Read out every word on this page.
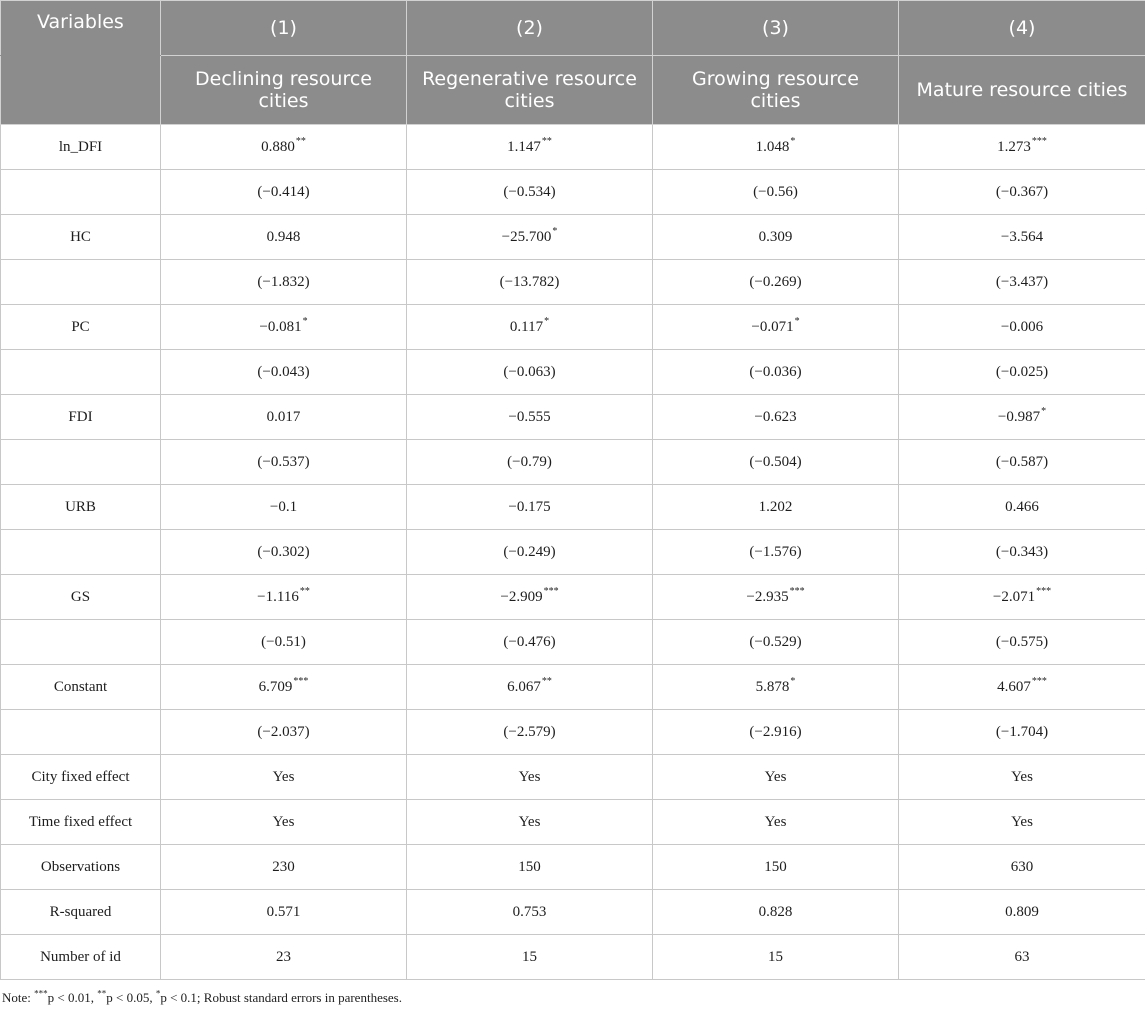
Variables	(1)	(2)	(3)	(4)
	Declining resource cities	Regenerative resource cities	Growing resource cities	Mature resource cities
ln_DFI	0.880**	1.147**	1.048*	1.273***
	(−0.414)	(−0.534)	(−0.56)	(−0.367)
HC	0.948	−25.700*	0.309	−3.564
	(−1.832)	(−13.782)	(−0.269)	(−3.437)
PC	−0.081*	0.117*	−0.071*	−0.006
	(−0.043)	(−0.063)	(−0.036)	(−0.025)
FDI	0.017	−0.555	−0.623	−0.987*
	(−0.537)	(−0.79)	(−0.504)	(−0.587)
URB	−0.1	−0.175	1.202	0.466
	(−0.302)	(−0.249)	(−1.576)	(−0.343)
GS	−1.116**	−2.909***	−2.935***	−2.071***
	(−0.51)	(−0.476)	(−0.529)	(−0.575)
Constant	6.709***	6.067**	5.878*	4.607***
	(−2.037)	(−2.579)	(−2.916)	(−1.704)
City fixed effect	Yes	Yes	Yes	Yes
Time fixed effect	Yes	Yes	Yes	Yes
Observations	230	150	150	630
R-squared	0.571	0.753	0.828	0.809
Number of id	23	15	15	63
Note: ***p < 0.01, **p < 0.05, *p < 0.1; Robust standard errors in parentheses.
